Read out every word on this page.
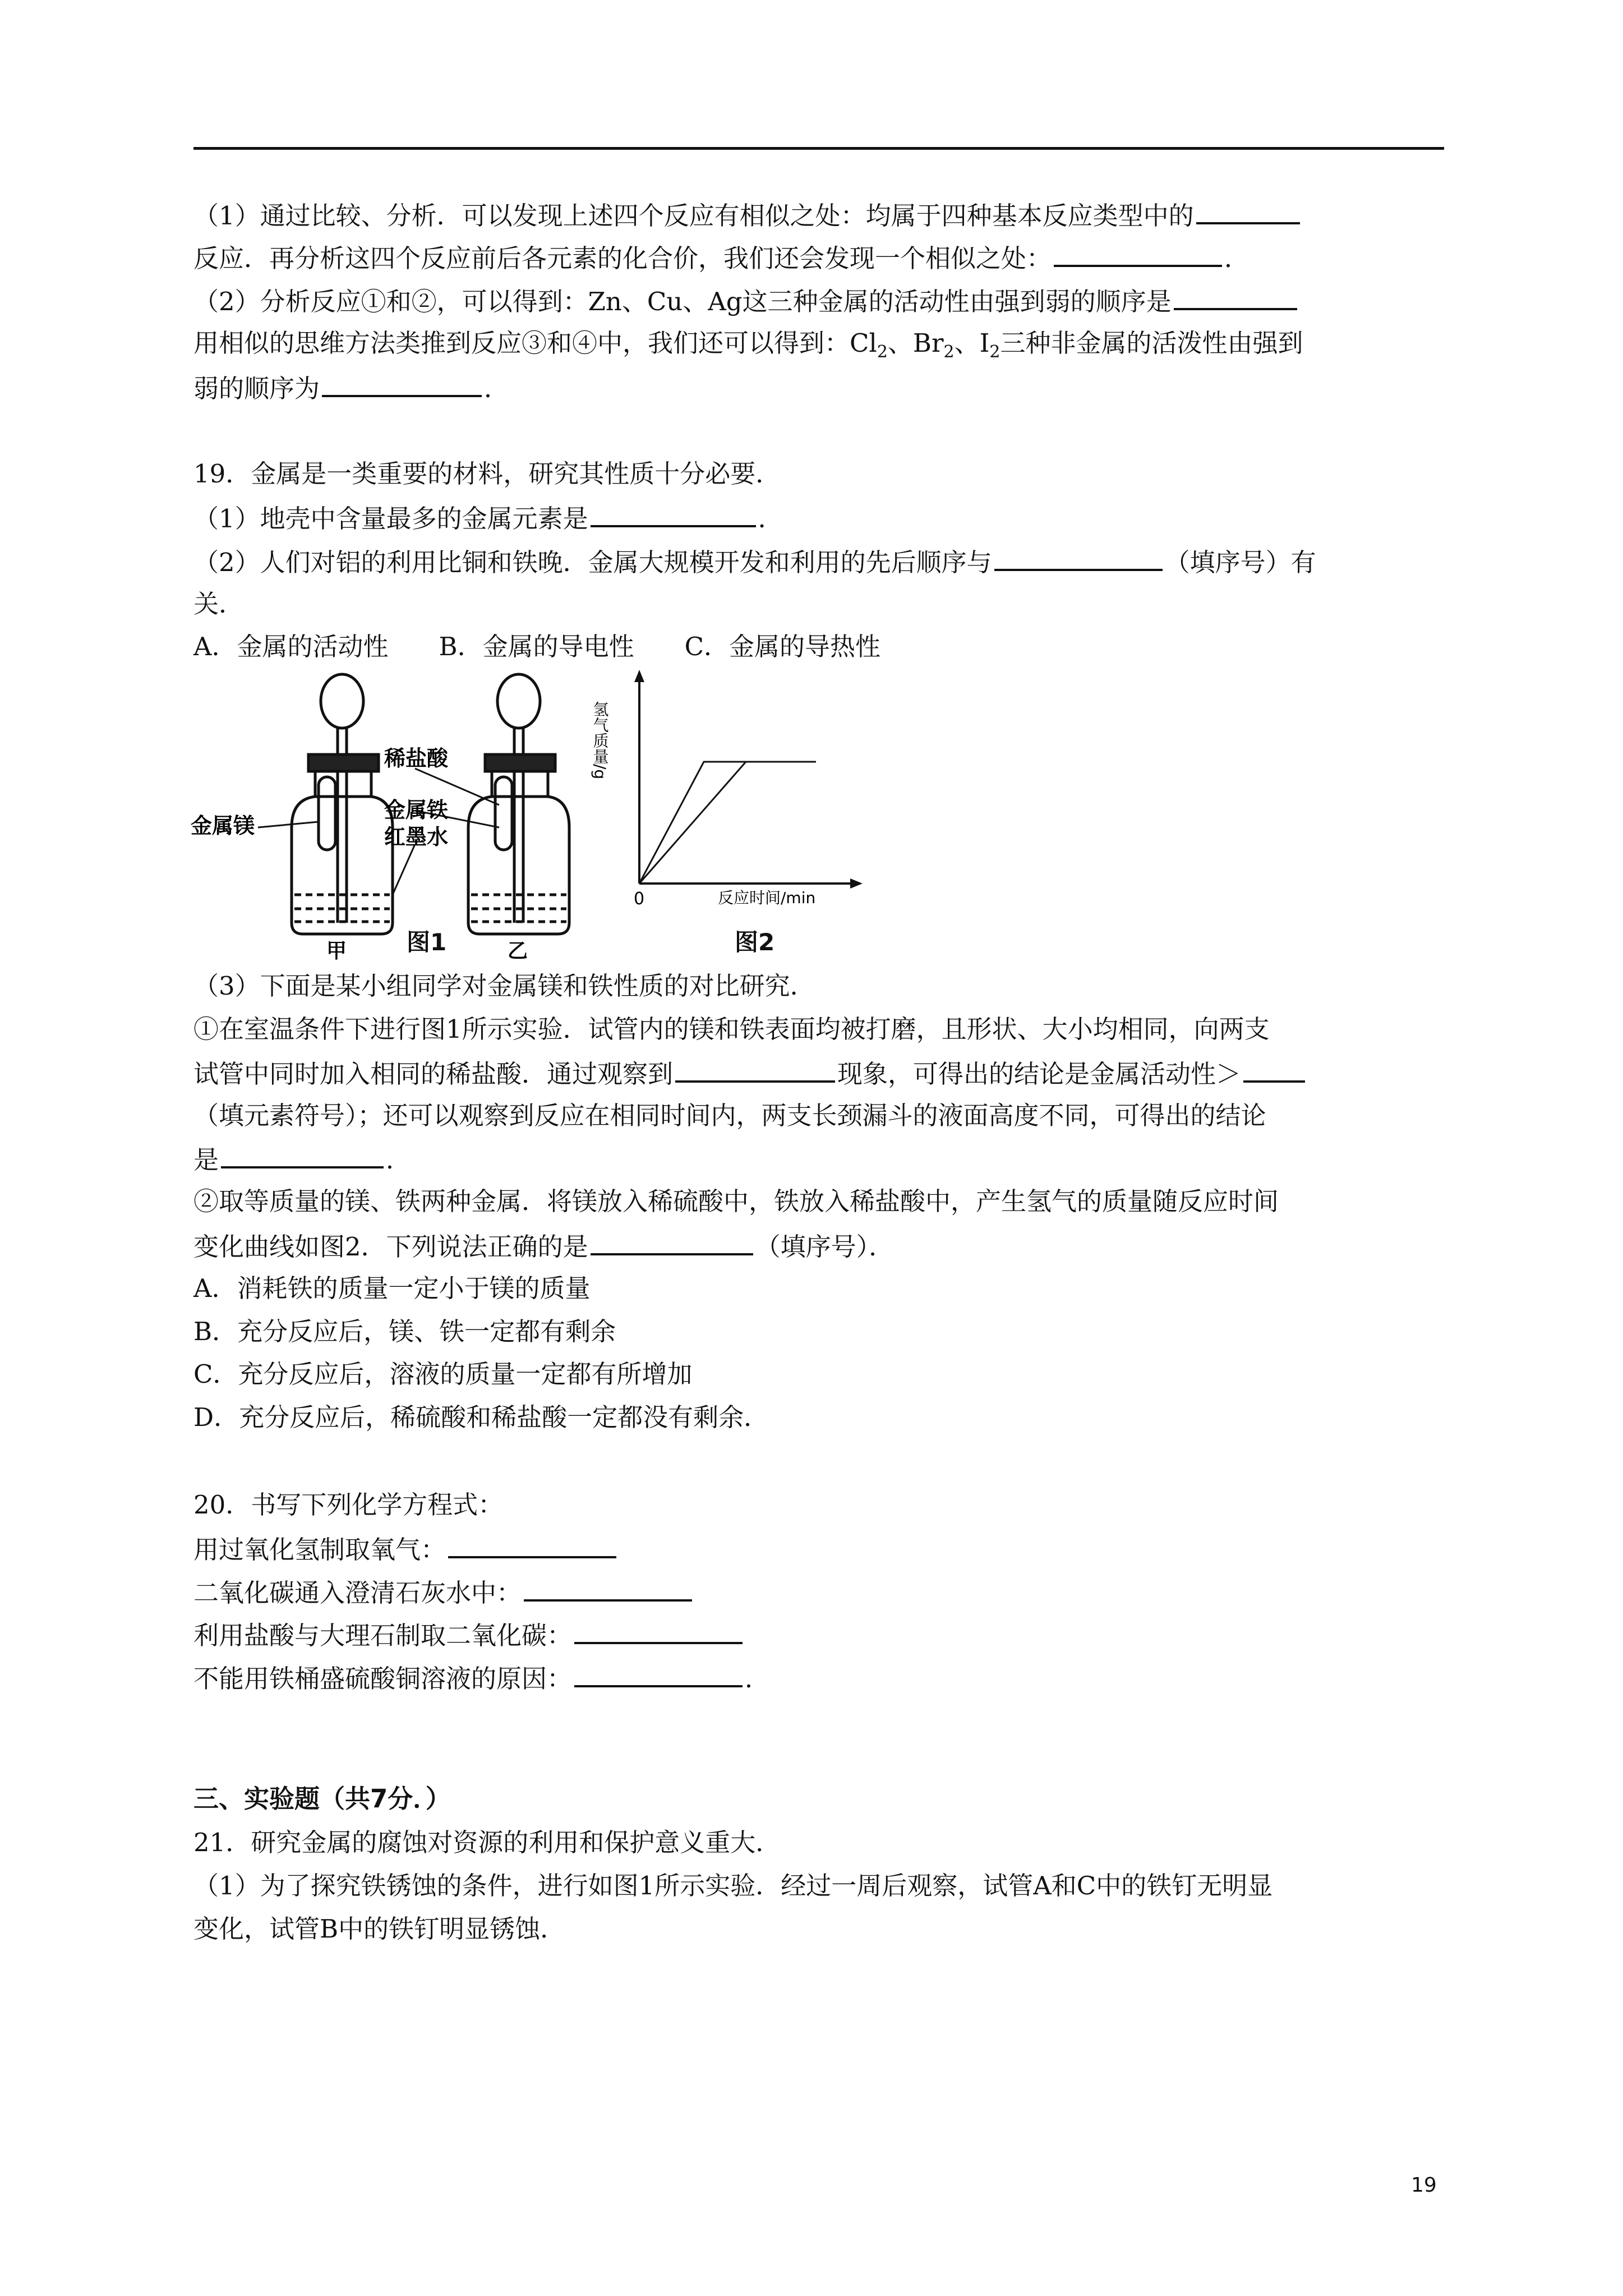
（1）通过比较、分析．可以发现上述四个反应有相似之处：均属于四种基本反应类型中的
反应．再分析这四个反应前后各元素的化合价，我们还会发现一个相似之处：	．
（2）分析反应①和②，可以得到：Zn、Cu、Ag这三种金属的活动性由强到弱的顺序是
用相似的思维方法类推到反应③和④中，我们还可以得到：$Cl_2$、$Br_2$、$I_2$三种非金属的活泼性由强到
弱的顺序为	．
19．金属是一类重要的材料，研究其性质十分必要．
（1）地壳中含量最多的金属元素是	．
（2）人们对铝的利用比铜和铁晚．金属大规模开发和利用的先后顺序与	（填序号）有
关．
A．金属的活动性　　B．金属的导电性　　C．金属的导热性
金属镁
稀盐酸
金属铁
红墨水
甲	乙
图1
氢气质量/g
0	反应时间/min
图2
（3）下面是某小组同学对金属镁和铁性质的对比研究．
①在室温条件下进行图1所示实验．试管内的镁和铁表面均被打磨，且形状、大小均相同，向两支
试管中同时加入相同的稀盐酸．通过观察到	现象，可得出的结论是金属活动性＞
（填元素符号）；还可以观察到反应在相同时间内，两支长颈漏斗的液面高度不同，可得出的结论
是	．
②取等质量的镁、铁两种金属．将镁放入稀硫酸中，铁放入稀盐酸中，产生氢气的质量随反应时间
变化曲线如图2．下列说法正确的是	（填序号）．
A．消耗铁的质量一定小于镁的质量
B．充分反应后，镁、铁一定都有剩余
C．充分反应后，溶液的质量一定都有所增加
D．充分反应后，稀硫酸和稀盐酸一定都没有剩余．
20．书写下列化学方程式：
用过氧化氢制取氧气：
二氧化碳通入澄清石灰水中：
利用盐酸与大理石制取二氧化碳：
不能用铁桶盛硫酸铜溶液的原因：	．
三、实验题（共7分．）
21．研究金属的腐蚀对资源的利用和保护意义重大．
（1）为了探究铁锈蚀的条件，进行如图1所示实验．经过一周后观察，试管A和C中的铁钉无明显
变化，试管B中的铁钉明显锈蚀．
19
